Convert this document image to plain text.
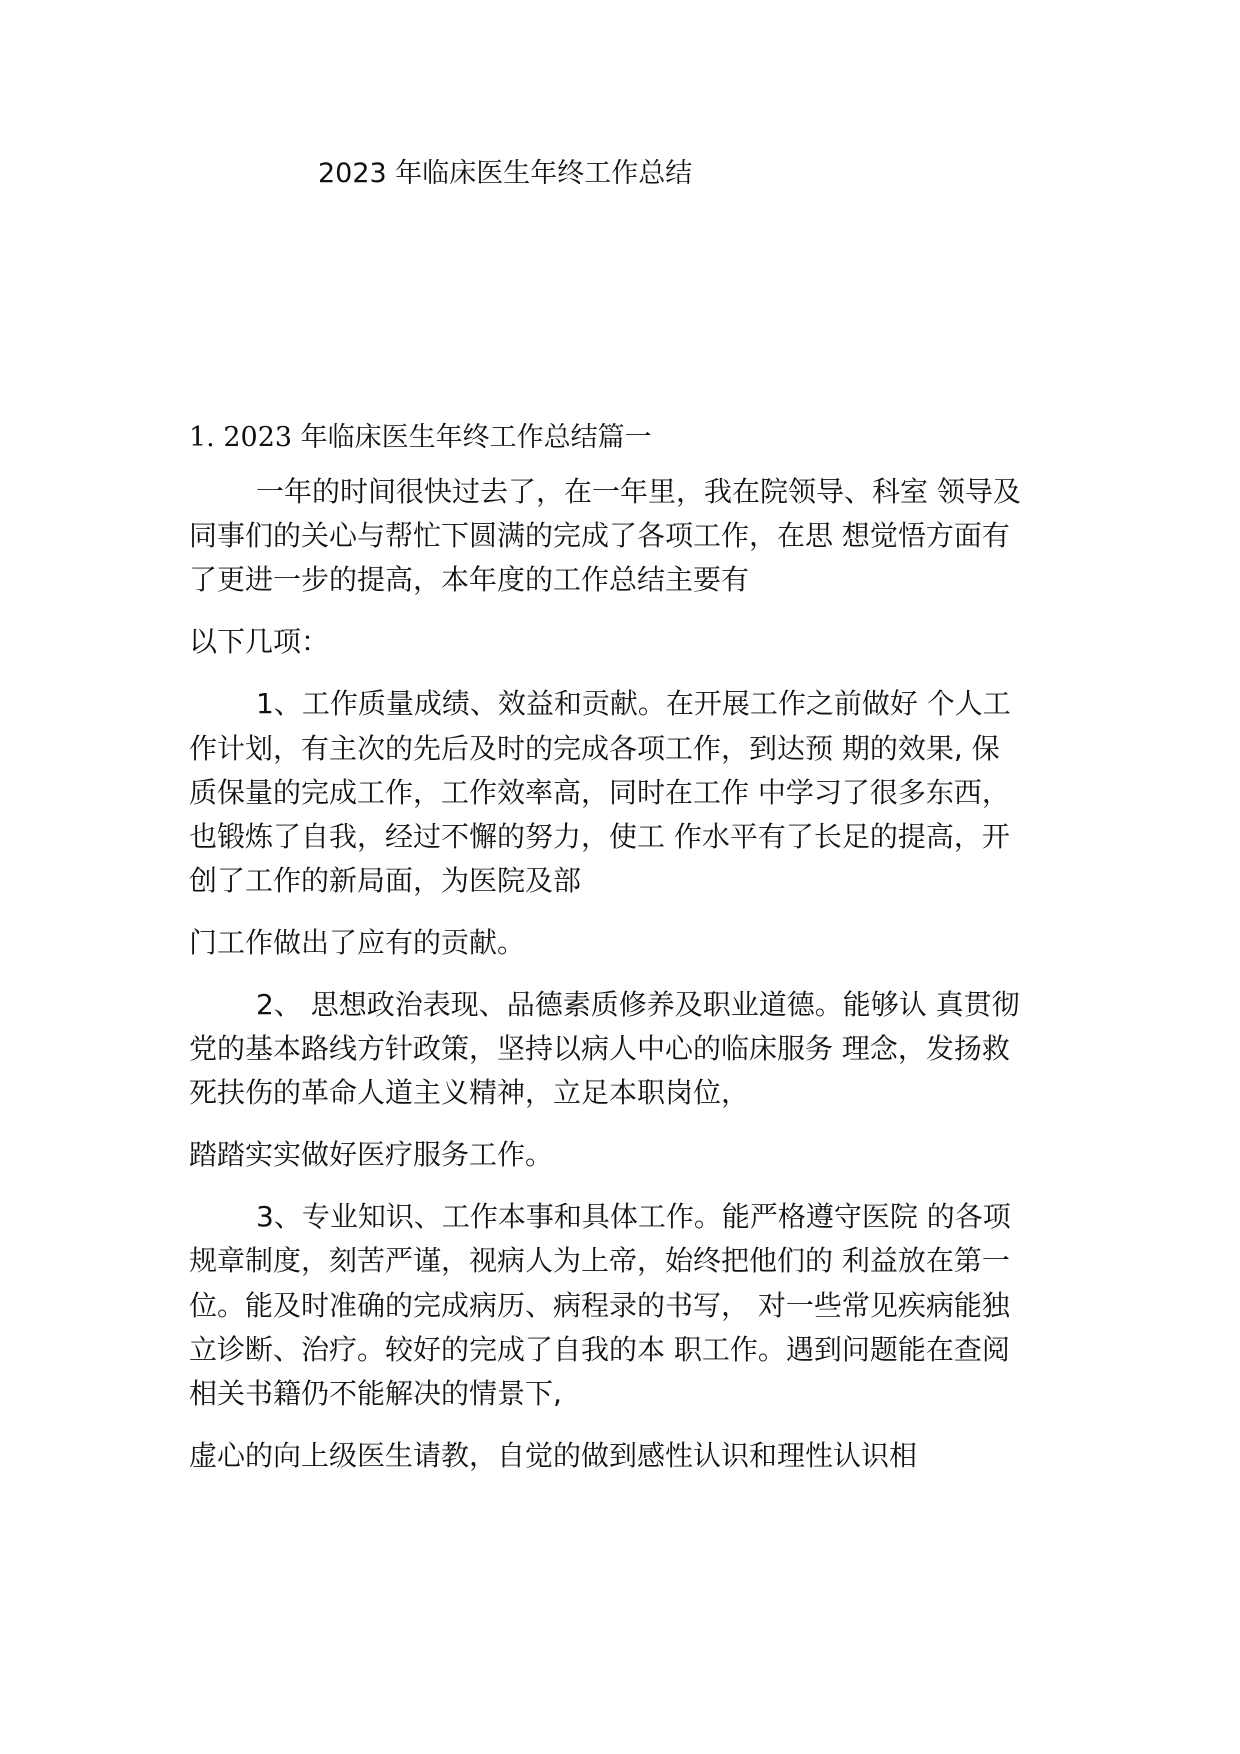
2023 年临床医生年终工作总结
1. 2023 年临床医生年终工作总结篇一

一年的时间很快过去了，在一年里，我在院领导、科室 领导及

同事们的关心与帮忙下圆满的完成了各项工作，在思 想觉悟方面有

了更进一步的提高，本年度的工作总结主要有

以下几项：

1、工作质量成绩、效益和贡献。在开展工作之前做好 个人工

作计划，有主次的先后及时的完成各项工作，到达预 期的效果, 保

质保量的完成工作，工作效率高，同时在工作 中学习了很多东西，

也锻炼了自我，经过不懈的努力，使工 作水平有了长足的提高，开

创了工作的新局面，为医院及部

门工作做出了应有的贡献。

2、 思想政治表现、品德素质修养及职业道德。能够认 真贯彻

党的基本路线方针政策，坚持以病人中心的临床服务 理念，发扬救

死扶伤的革命人道主义精神，立足本职岗位，

踏踏实实做好医疗服务工作。

3、专业知识、工作本事和具体工作。能严格遵守医院 的各项

规章制度，刻苦严谨，视病人为上帝，始终把他们的 利益放在第一

位。能及时准确的完成病历、病程录的书写， 对一些常见疾病能独

立诊断、治疗。较好的完成了自我的本 职工作。遇到问题能在查阅

相关书籍仍不能解决的情景下,

虚心的向上级医生请教，自觉的做到感性认识和理性认识相
